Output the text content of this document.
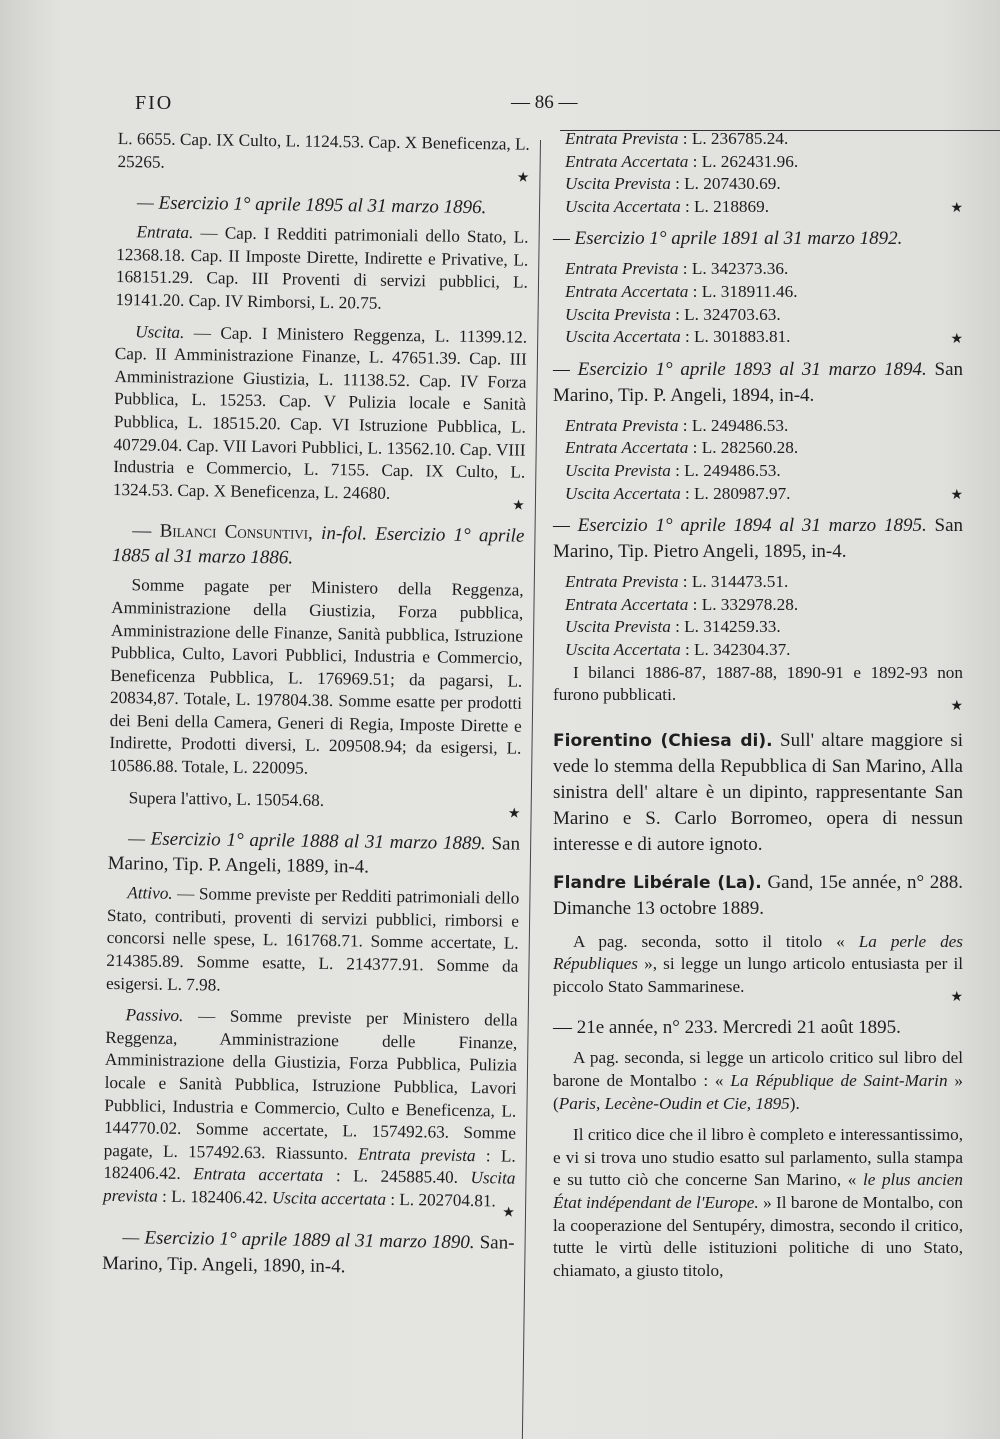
FIO	— 86 —

L. 6655. Cap. IX Culto, L. 1124.53. Cap. X Beneficenza, L. 25265.

★

— Esercizio 1° aprile 1895 al 31 marzo 1896.

Entrata. — Cap. I Redditi patrimoniali dello Stato, L. 12368.18. Cap. II Imposte Dirette, Indirette e Privative, L. 168151.29. Cap. III Proventi di servizi pubblici, L. 19141.20. Cap. IV Rimborsi, L. 20.75.

Uscita. — Cap. I Ministero Reggenza, L. 11399.12. Cap. II Amministrazione Finanze, L. 47651.39. Cap. III Amministrazione Giustizia, L. 11138.52. Cap. IV Forza Pubblica, L. 15253. Cap. V Pulizia locale e Sanità Pubblica, L. 18515.20. Cap. VI Istruzione Pubblica, L. 40729.04. Cap. VII Lavori Pubblici, L. 13562.10. Cap. VIII Industria e Commercio, L. 7155. Cap. IX Culto, L. 1324.53. Cap. X Beneficenza, L. 24680.

★

— Bilanci Consuntivi, in-fol. Esercizio 1° aprile 1885 al 31 marzo 1886.

Somme pagate per Ministero della Reggenza, Amministrazione della Giustizia, Forza pubblica, Amministrazione delle Finanze, Sanità pubblica, Istruzione Pubblica, Culto, Lavori Pubblici, Industria e Commercio, Beneficenza Pubblica, L. 176969.51; da pagarsi, L. 20834,87. Totale, L. 197804.38. Somme esatte per prodotti dei Beni della Camera, Generi di Regia, Imposte Dirette e Indirette, Prodotti diversi, L. 209508.94; da esigersi, L. 10586.88. Totale, L. 220095.

Supera l'attivo, L. 15054.68.

★

— Esercizio 1° aprile 1888 al 31 marzo 1889. San Marino, Tip. P. Angeli, 1889, in-4.

Attivo. — Somme previste per Redditi patrimoniali dello Stato, contributi, proventi di servizi pubblici, rimborsi e concorsi nelle spese, L. 161768.71. Somme accertate, L. 214385.89. Somme esatte, L. 214377.91. Somme da esigersi. L. 7.98.

Passivo. — Somme previste per Ministero della Reggenza, Amministrazione delle Finanze, Amministrazione della Giustizia, Forza Pubblica, Pulizia locale e Sanità Pubblica, Istruzione Pubblica, Lavori Pubblici, Industria e Commercio, Culto e Beneficenza, L. 144770.02. Somme accertate, L. 157492.63. Somme pagate, L. 157492.63. Riassunto. Entrata prevista : L. 182406.42. Entrata accertata : L. 245885.40. Uscita prevista : L. 182406.42. Uscita accertata : L. 202704.81.

★

— Esercizio 1° aprile 1889 al 31 marzo 1890. San-Marino, Tip. Angeli, 1890, in-4.

Entrata Prevista : L. 236785.24.

Entrata Accertata : L. 262431.96.

Uscita Prevista : L. 207430.69.

Uscita Accertata : L. 218869.	★

— Esercizio 1° aprile 1891 al 31 marzo 1892.

Entrata Prevista : L. 342373.36.

Entrata Accertata : L. 318911.46.

Uscita Prevista : L. 324703.63.

Uscita Accertata : L. 301883.81.	★

— Esercizio 1° aprile 1893 al 31 marzo 1894. San Marino, Tip. P. Angeli, 1894, in-4.

Entrata Prevista : L. 249486.53.

Entrata Accertata : L. 282560.28.

Uscita Prevista : L. 249486.53.

Uscita Accertata : L. 280987.97.	★

— Esercizio 1° aprile 1894 al 31 marzo 1895. San Marino, Tip. Pietro Angeli, 1895, in-4.

Entrata Prevista : L. 314473.51.

Entrata Accertata : L. 332978.28.

Uscita Prevista : L. 314259.33.

Uscita Accertata : L. 342304.37.

I bilanci 1886-87, 1887-88, 1890-91 e 1892-93 non furono pubblicati.

★

Fiorentino (Chiesa di). Sull' altare maggiore si vede lo stemma della Repubblica di San Marino, Alla sinistra dell' altare è un dipinto, rappresentante San Marino e S. Carlo Borromeo, opera di nessun interesse e di autore ignoto.

Flandre Libérale (La). Gand, 15e année, n° 288. Dimanche 13 octobre 1889.

A pag. seconda, sotto il titolo « La perle des Républiques », si legge un lungo articolo entusiasta per il piccolo Stato Sammarinese.

★

— 21e année, n° 233. Mercredi 21 août 1895.

A pag. seconda, si legge un articolo critico sul libro del barone de Montalbo : « La République de Saint-Marin » (Paris, Lecène-Oudin et Cie, 1895).

Il critico dice che il libro è completo e interessantissimo, e vi si trova uno studio esatto sul parlamento, sulla stampa e su tutto ciò che concerne San Marino, « le plus ancien État indépendant de l'Europe. » Il barone de Montalbo, con la cooperazione del Sentupéry, dimostra, secondo il critico, tutte le virtù delle istituzioni politiche di uno Stato, chiamato, a giusto titolo,
